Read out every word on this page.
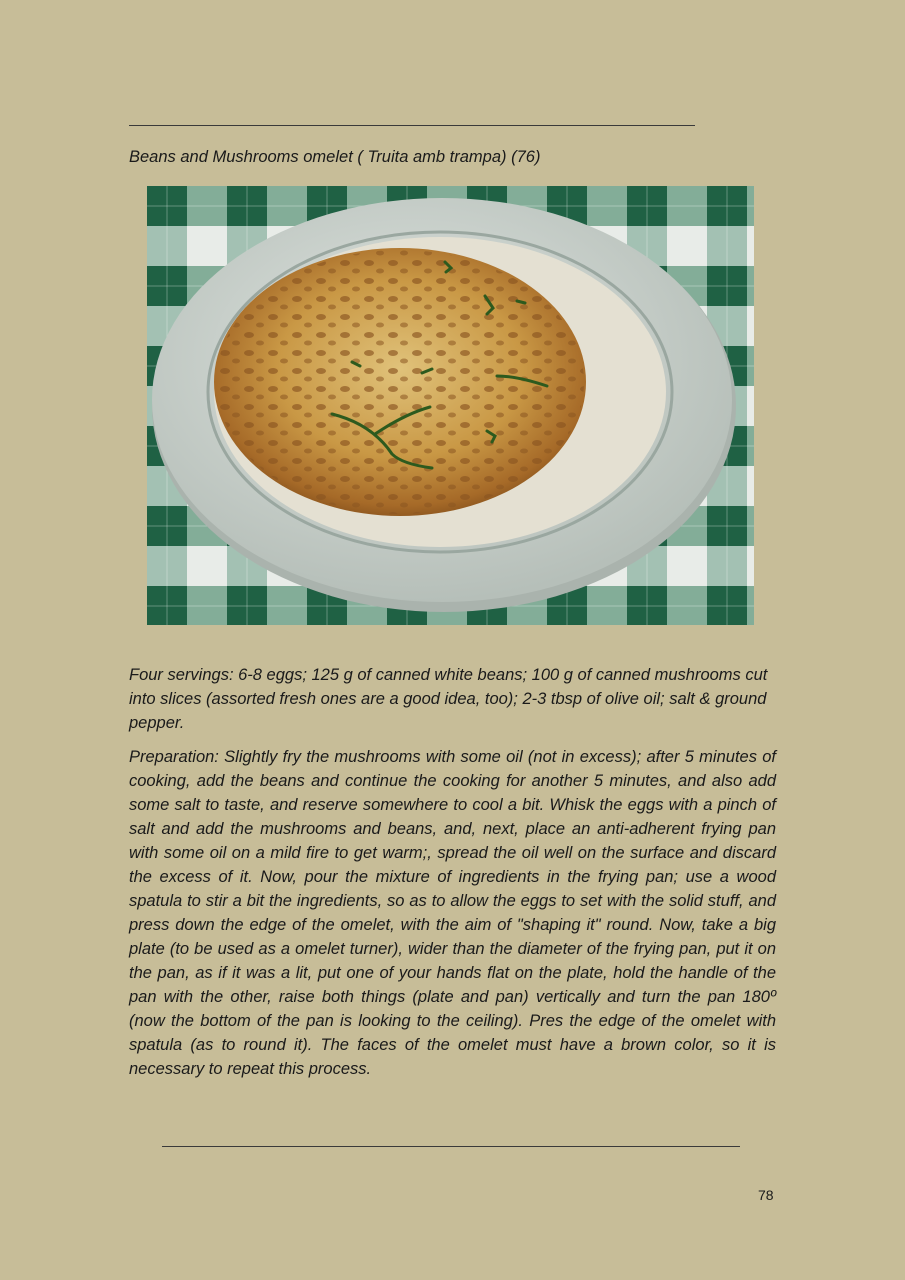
Beans and Mushrooms omelet ( Truita amb trampa) (76)

Four servings: 6-8 eggs; 125 g of canned white beans; 100 g of canned mushrooms cut into slices (assorted fresh ones are a good idea, too); 2-3 tbsp of olive oil; salt & ground pepper.

Preparation: Slightly fry the mushrooms with some oil (not in excess); after 5 minutes of cooking, add the beans and continue the cooking for another 5 minutes, and also add some salt to taste, and reserve somewhere to cool a bit. Whisk the eggs with a pinch of salt and add the mushrooms and beans, and, next, place an anti-adherent frying pan with some oil on a mild fire to get warm;, spread the oil well on the surface and discard the excess of it. Now, pour the mixture of ingredients in the frying pan; use a wood spatula to stir a bit the ingredients, so as to allow the eggs to set with the solid stuff, and press down the edge of the omelet, with the aim of "shaping it" round. Now, take a big plate (to be used as a omelet turner), wider than the diameter of the frying pan, put it on the pan, as if it was a lit, put one of your hands flat on the plate, hold the handle of the pan with the other, raise both things (plate and pan) vertically and turn the pan 180º (now the bottom of the pan is looking to the ceiling). Pres the edge of the omelet with spatula (as to round it). The faces of the omelet must have a brown color, so it is necessary to repeat this process.

78
